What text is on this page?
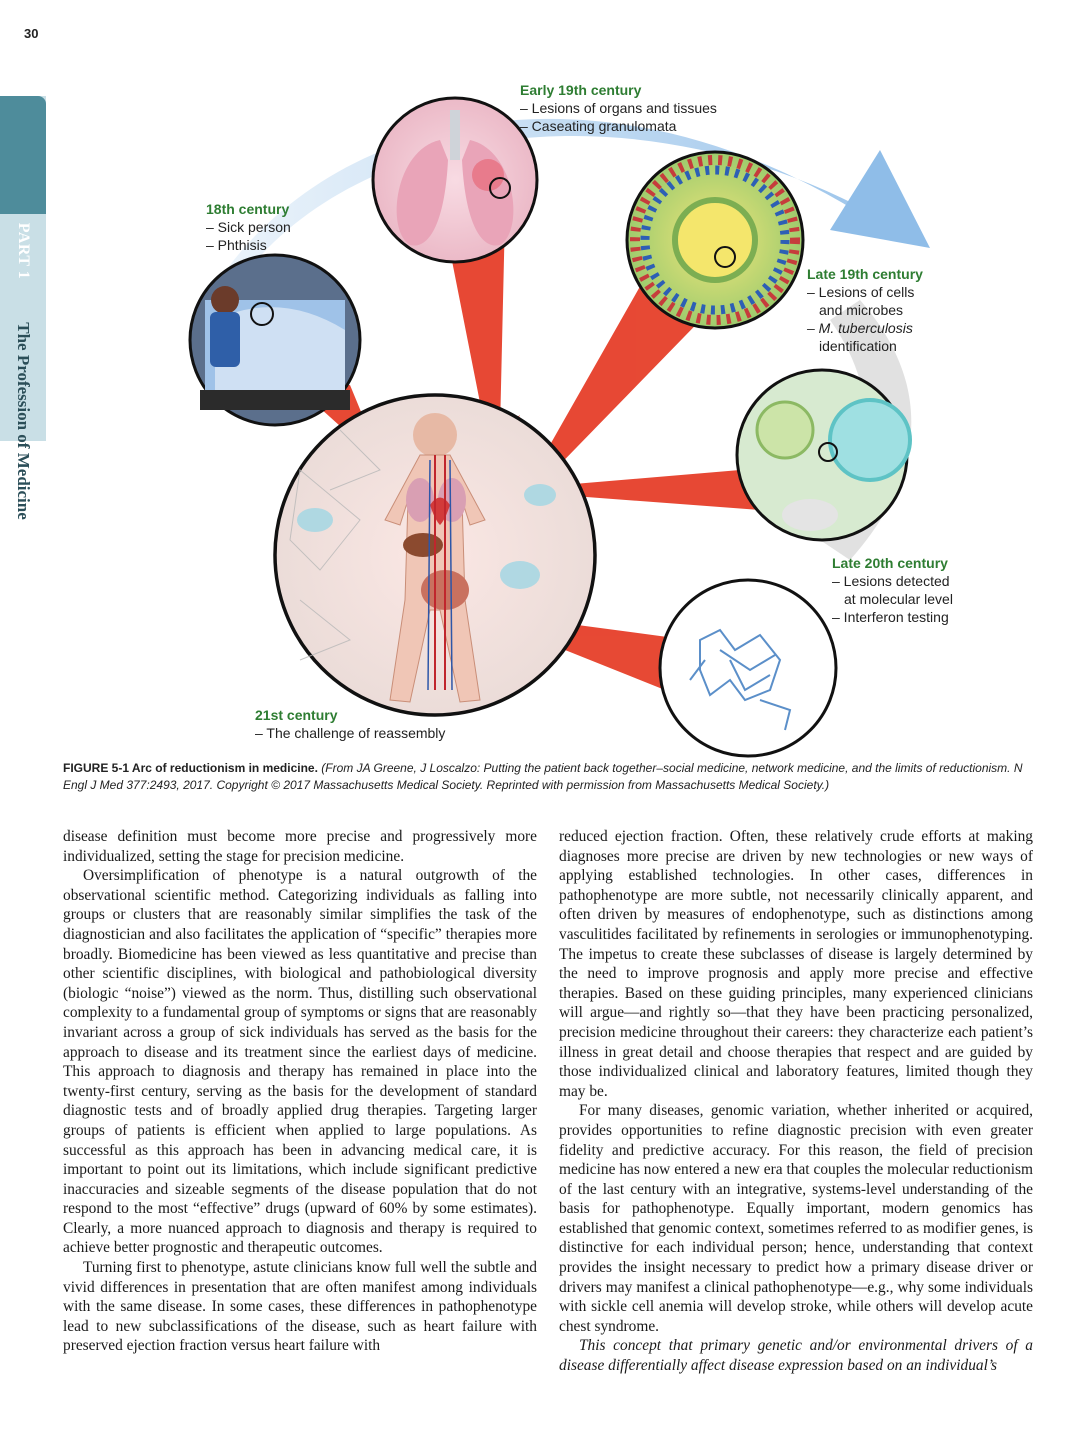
30
PART 1
The Profession of Medicine
18th century
– Sick person
– Phthisis
Early 19th century
– Lesions of organs and tissues
– Caseating granulomata
Late 19th century
– Lesions of cells
and microbes
– M. tuberculosis
identification
Late 20th century
– Lesions detected
at molecular level
– Interferon testing
21st century
– The challenge of reassembly
FIGURE 5-1 Arc of reductionism in medicine. (From JA Greene, J Loscalzo: Putting the patient back together–social medicine, network medicine, and the limits of reductionism. N Engl J Med 377:2493, 2017. Copyright © 2017 Massachusetts Medical Society. Reprinted with permission from Massachusetts Medical Society.)

disease definition must become more precise and progressively more individualized, setting the stage for precision medicine.

Oversimplification of phenotype is a natural outgrowth of the observational scientific method. Categorizing individuals as falling into groups or clusters that are reasonably similar simplifies the task of the diagnostician and also facilitates the application of “specific” therapies more broadly. Biomedicine has been viewed as less quantitative and precise than other scientific disciplines, with biological and pathobiological diversity (biologic “noise”) viewed as the norm. Thus, distilling such observational complexity to a fundamental group of symptoms or signs that are reasonably invariant across a group of sick individuals has served as the basis for the approach to disease and its treatment since the earliest days of medicine. This approach to diagnosis and therapy has remained in place into the twenty-first century, serving as the basis for the development of standard diagnostic tests and of broadly applied drug therapies. Targeting larger groups of patients is efficient when applied to large populations. As successful as this approach has been in advancing medical care, it is important to point out its limitations, which include significant predictive inaccuracies and sizeable segments of the disease population that do not respond to the most “effective” drugs (upward of 60% by some estimates). Clearly, a more nuanced approach to diagnosis and therapy is required to achieve better prognostic and therapeutic outcomes.

Turning first to phenotype, astute clinicians know full well the subtle and vivid differences in presentation that are often manifest among individuals with the same disease. In some cases, these differences in pathophenotype lead to new subclassifications of the disease, such as heart failure with preserved ejection fraction versus heart failure with

reduced ejection fraction. Often, these relatively crude efforts at making diagnoses more precise are driven by new technologies or new ways of applying established technologies. In other cases, differences in pathophenotype are more subtle, not necessarily clinically apparent, and often driven by measures of endophenotype, such as distinctions among vasculitides facilitated by refinements in serologies or immunophenotyping. The impetus to create these subclasses of disease is largely determined by the need to improve prognosis and apply more precise and effective therapies. Based on these guiding principles, many experienced clinicians will argue—and rightly so—that they have been practicing personalized, precision medicine throughout their careers: they characterize each patient’s illness in great detail and choose therapies that respect and are guided by those individualized clinical and laboratory features, limited though they may be.

For many diseases, genomic variation, whether inherited or acquired, provides opportunities to refine diagnostic precision with even greater fidelity and predictive accuracy. For this reason, the field of precision medicine has now entered a new era that couples the molecular reductionism of the last century with an integrative, systems-level understanding of the basis for pathophenotype. Equally important, modern genomics has established that genomic context, sometimes referred to as modifier genes, is distinctive for each individual person; hence, understanding that context provides the insight necessary to predict how a primary disease driver or drivers may manifest a clinical pathophenotype—e.g., why some individuals with sickle cell anemia will develop stroke, while others will develop acute chest syndrome.

This concept that primary genetic and/or environmental drivers of a disease differentially affect disease expression based on an individual’s
